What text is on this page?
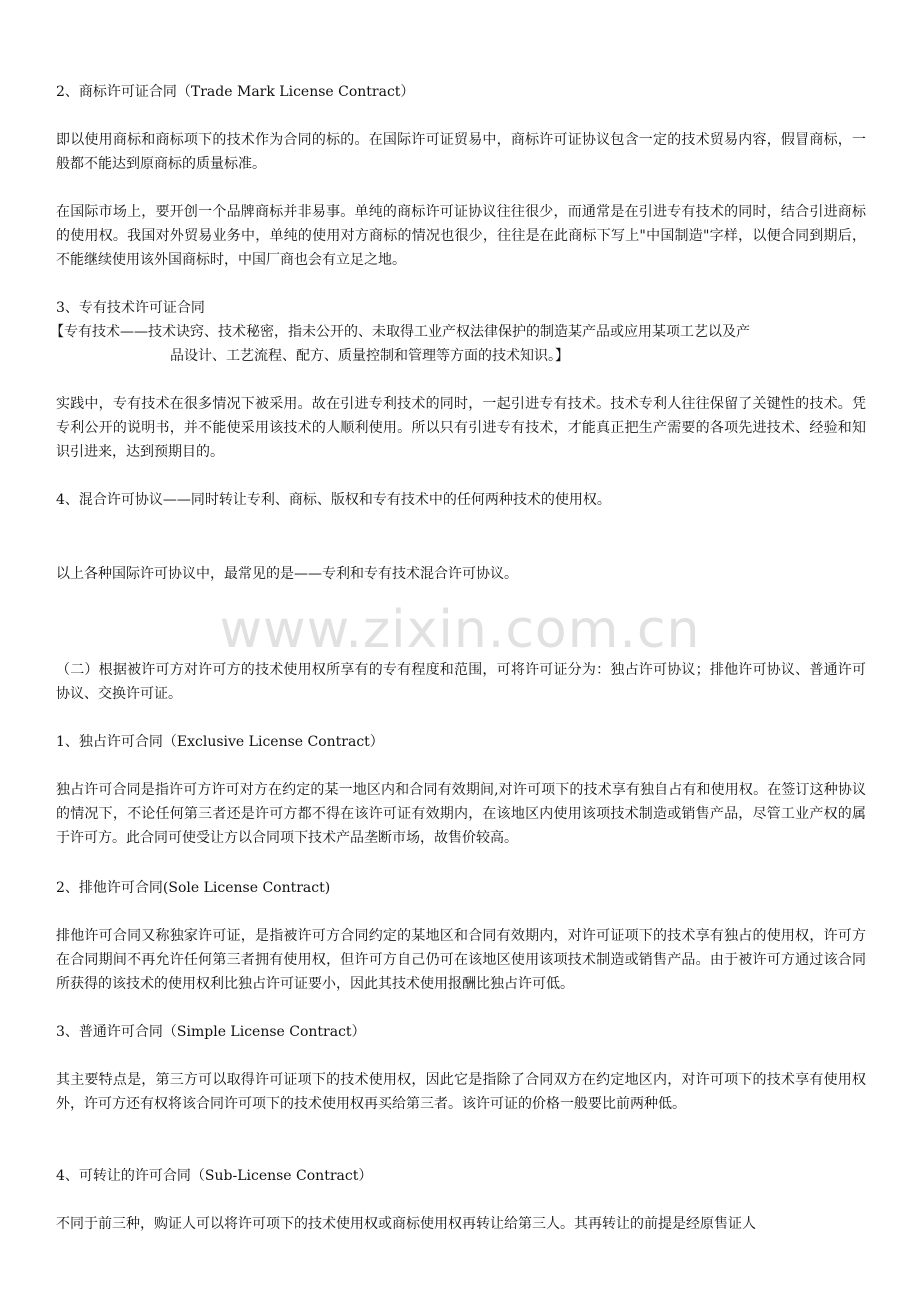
www.zixin.com.cn

2、商标许可证合同（Trade Mark License Contract）

即以使用商标和商标项下的技术作为合同的标的。在国际许可证贸易中，商标许可证协议包含一定的技术贸易内容，假冒商标，一般都不能达到原商标的质量标准。

在国际市场上，要开创一个品牌商标并非易事。单纯的商标许可证协议往往很少，而通常是在引进专有技术的同时，结合引进商标的使用权。我国对外贸易业务中，单纯的使用对方商标的情况也很少，往往是在此商标下写上"中国制造"字样，以便合同到期后，不能继续使用该外国商标时，中国厂商也会有立足之地。

3、专有技术许可证合同

【专有技术——技术诀窍、技术秘密，指未公开的、未取得工业产权法律保护的制造某产品或应用某项工艺以及产
品设计、工艺流程、配方、质量控制和管理等方面的技术知识。】

实践中，专有技术在很多情况下被采用。故在引进专利技术的同时，一起引进专有技术。技术专利人往往保留了关键性的技术。凭专利公开的说明书，并不能使采用该技术的人顺利使用。所以只有引进专有技术，才能真正把生产需要的各项先进技术、经验和知识引进来，达到预期目的。

4、混合许可协议——同时转让专利、商标、版权和专有技术中的任何两种技术的使用权。

以上各种国际许可协议中，最常见的是——专利和专有技术混合许可协议。

（二）根据被许可方对许可方的技术使用权所享有的专有程度和范围，可将许可证分为：独占许可协议；排他许可协议、普通许可协议、交换许可证。

1、独占许可合同（Exclusive License Contract）

独占许可合同是指许可方许可对方在约定的某一地区内和合同有效期间,对许可项下的技术享有独自占有和使用权。在签订这种协议的情况下，不论任何第三者还是许可方都不得在该许可证有效期内，在该地区内使用该项技术制造或销售产品，尽管工业产权的属于许可方。此合同可使受让方以合同项下技术产品垄断市场，故售价较高。

2、排他许可合同(Sole License Contract)

排他许可合同又称独家许可证，是指被许可方合同约定的某地区和合同有效期内，对许可证项下的技术享有独占的使用权，许可方在合同期间不再允许任何第三者拥有使用权，但许可方自己仍可在该地区使用该项技术制造或销售产品。由于被许可方通过该合同所获得的该技术的使用权利比独占许可证要小，因此其技术使用报酬比独占许可低。

3、普通许可合同（Simple License Contract）

其主要特点是，第三方可以取得许可证项下的技术使用权，因此它是指除了合同双方在约定地区内，对许可项下的技术享有使用权外，许可方还有权将该合同许可项下的技术使用权再买给第三者。该许可证的价格一般要比前两种低。

4、可转让的许可合同（Sub-License Contract）

不同于前三种，购证人可以将许可项下的技术使用权或商标使用权再转让给第三人。其再转让的前提是经原售证人
